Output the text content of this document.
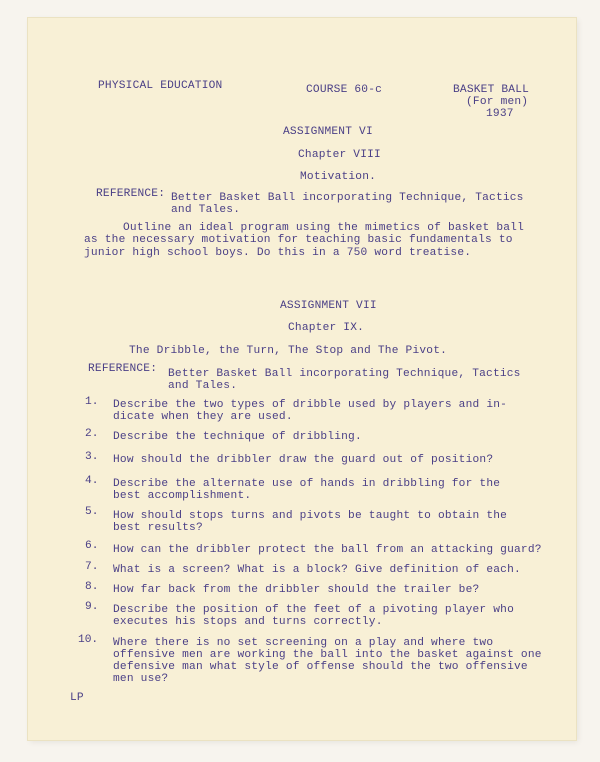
PHYSICAL EDUCATION	COURSE 60-c	BASKET BALL
(For men)
1937
ASSIGNMENT VI
Chapter VIII
Motivation.
REFERENCE: Better Basket Ball incorporating Technique, Tactics
and Tales.
Outline an ideal program using the mimetics of basket ball
as the necessary motivation for teaching basic fundamentals to
junior high school boys. Do this in a 750 word treatise.
ASSIGNMENT VII
Chapter IX.
The Dribble, the Turn, The Stop and The Pivot.
REFERENCE: Better Basket Ball incorporating Technique, Tactics
and Tales.
1. Describe the two types of dribble used by players and in-
dicate when they are used.
2. Describe the technique of dribbling.
3. How should the dribbler draw the guard out of position?
4. Describe the alternate use of hands in dribbling for the
best accomplishment.
5. How should stops turns and pivots be taught to obtain the
best results?
6. How can the dribbler protect the ball from an attacking guard?
7. What is a screen? What is a block? Give definition of each.
8. How far back from the dribbler should the trailer be?
9. Describe the position of the feet of a pivoting player who
executes his stops and turns correctly.
10. Where there is no set screening on a play and where two
offensive men are working the ball into the basket against one
defensive man what style of offense should the two offensive
men use?
LP
